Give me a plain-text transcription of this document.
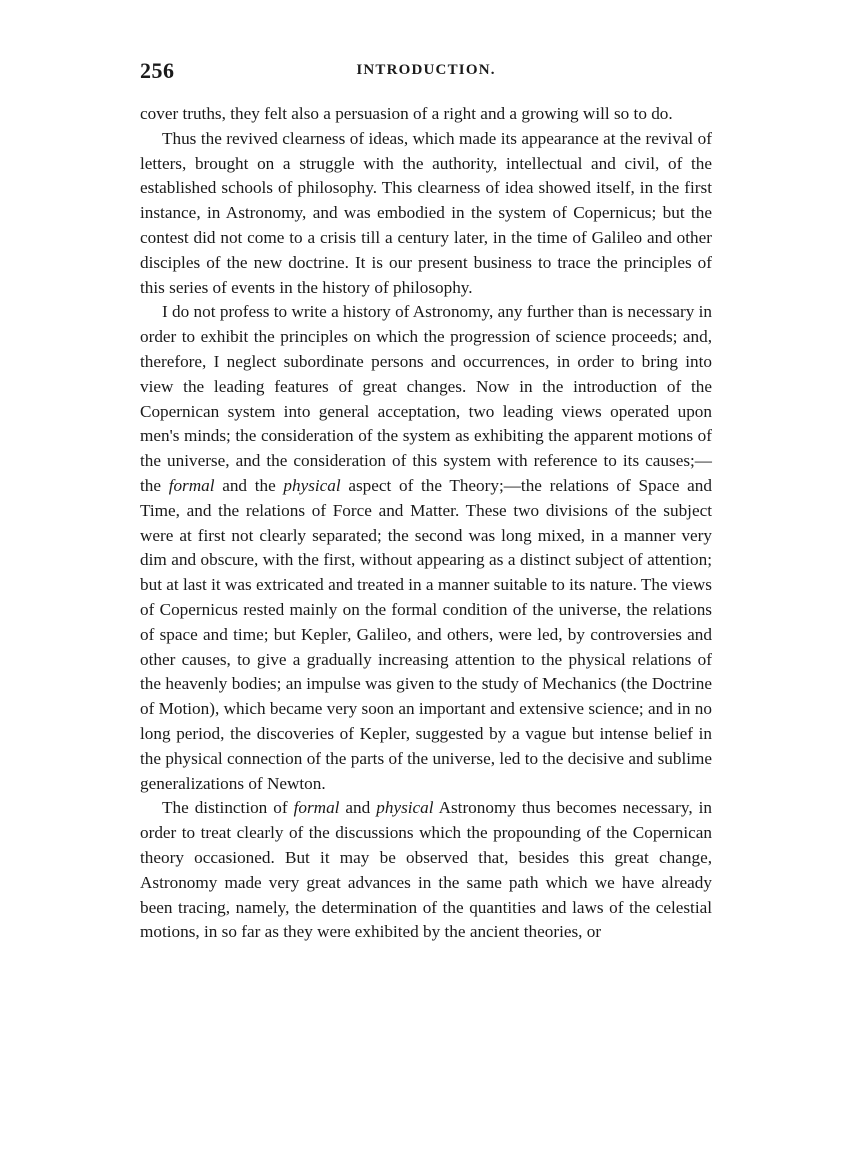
256	INTRODUCTION.

cover truths, they felt also a persuasion of a right and a growing will so to do.

Thus the revived clearness of ideas, which made its appearance at the revival of letters, brought on a struggle with the authority, intellectual and civil, of the established schools of philosophy. This clearness of idea showed itself, in the first instance, in Astronomy, and was embodied in the system of Copernicus; but the contest did not come to a crisis till a century later, in the time of Galileo and other disciples of the new doctrine. It is our present business to trace the principles of this series of events in the history of philosophy.

I do not profess to write a history of Astronomy, any further than is necessary in order to exhibit the principles on which the progression of science proceeds; and, therefore, I neglect subordinate persons and occurrences, in order to bring into view the leading features of great changes. Now in the introduction of the Copernican system into general acceptation, two leading views operated upon men's minds; the consideration of the system as exhibiting the apparent motions of the universe, and the consideration of this system with reference to its causes;—the formal and the physical aspect of the Theory;—the relations of Space and Time, and the relations of Force and Matter. These two divisions of the subject were at first not clearly separated; the second was long mixed, in a manner very dim and obscure, with the first, without appearing as a distinct subject of attention; but at last it was extricated and treated in a manner suitable to its nature. The views of Copernicus rested mainly on the formal condition of the universe, the relations of space and time; but Kepler, Galileo, and others, were led, by controversies and other causes, to give a gradually increasing attention to the physical relations of the heavenly bodies; an impulse was given to the study of Mechanics (the Doctrine of Motion), which became very soon an important and extensive science; and in no long period, the discoveries of Kepler, suggested by a vague but intense belief in the physical connection of the parts of the universe, led to the decisive and sublime generalizations of Newton.

The distinction of formal and physical Astronomy thus becomes necessary, in order to treat clearly of the discussions which the propounding of the Copernican theory occasioned. But it may be observed that, besides this great change, Astronomy made very great advances in the same path which we have already been tracing, namely, the determination of the quantities and laws of the celestial motions, in so far as they were exhibited by the ancient theories, or
